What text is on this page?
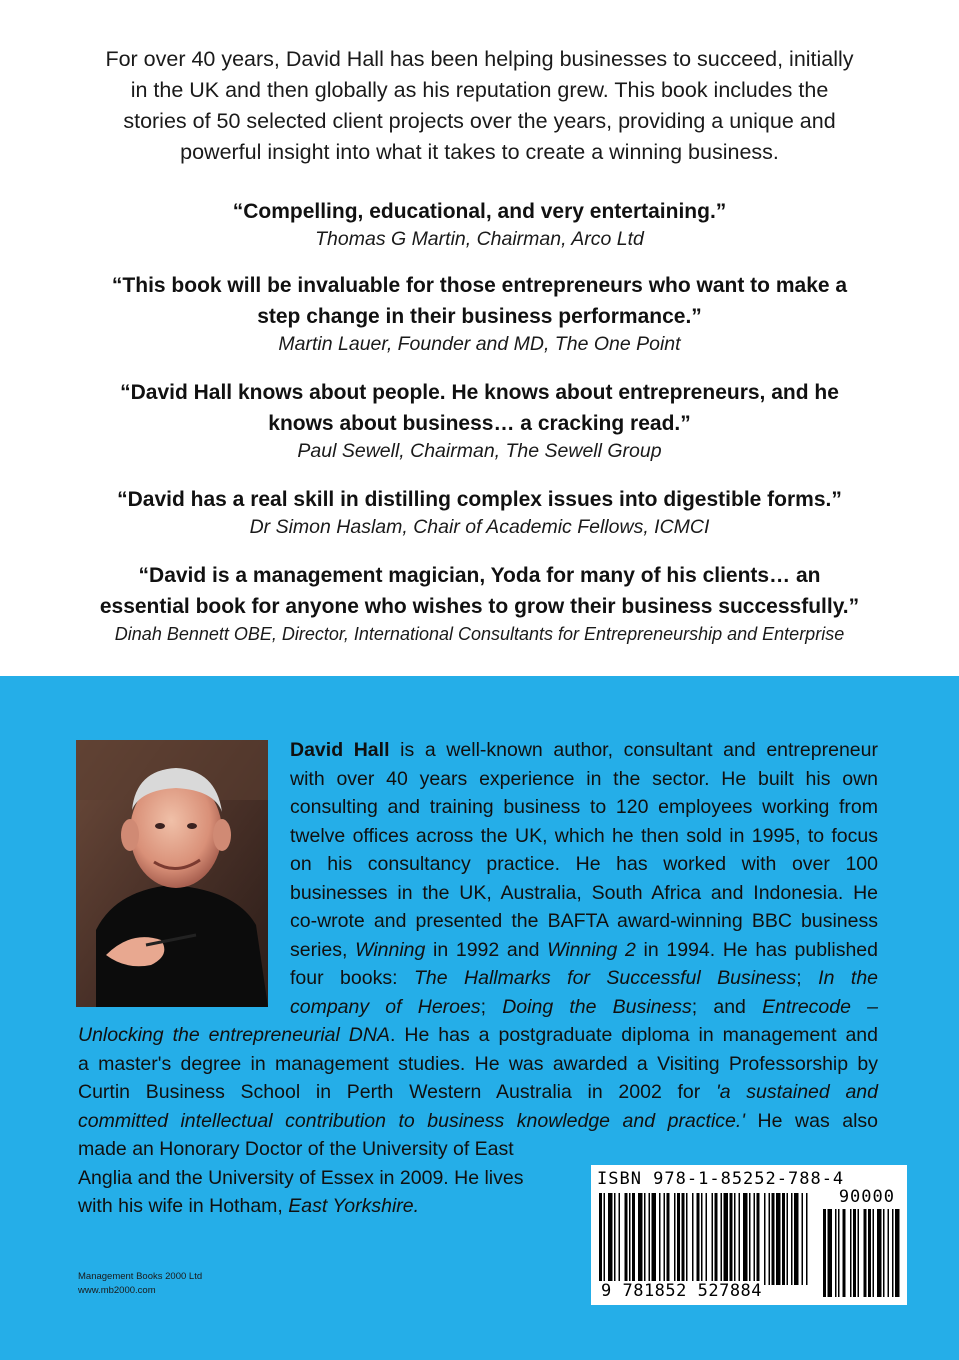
For over 40 years, David Hall has been helping businesses to succeed, initially
in the UK and then globally as his reputation grew. This book includes the
stories of 50 selected client projects over the years, providing a unique and
powerful insight into what it takes to create a winning business.
“Compelling, educational, and very entertaining.”
Thomas G Martin, Chairman, Arco Ltd
“This book will be invaluable for those entrepreneurs who want to make a
step change in their business performance.”
Martin Lauer, Founder and MD, The One Point
“David Hall knows about people. He knows about entrepreneurs, and he
knows about business… a cracking read.”
Paul Sewell, Chairman, The Sewell Group
“David has a real skill in distilling complex issues into digestible forms.”
Dr Simon Haslam, Chair of Academic Fellows, ICMCI
“David is a management magician, Yoda for many of his clients… an
essential book for anyone who wishes to grow their business successfully.”
Dinah Bennett OBE, Director, International Consultants for Entrepreneurship and Enterprise
David Hall is a well-known author, consultant and entrepreneur
with over 40 years experience in the sector. He built his own
consulting and training business to 120 employees working from
twelve offices across the UK, which he then sold in 1995, to focus
on his consultancy practice. He has worked with over 100
businesses in the UK, Australia, South Africa and Indonesia. He
co-wrote and presented the BAFTA award-winning BBC business
series, Winning in 1992 and Winning 2 in 1994. He has published
four books: The Hallmarks for Successful Business; In the
company of Heroes; Doing the Business; and Entrecode –
Unlocking the entrepreneurial DNA. He has a postgraduate diploma in management and
a master's degree in management studies. He was awarded a Visiting Professorship by
Curtin Business School in Perth Western Australia in 2002 for 'a sustained and
committed intellectual contribution to business knowledge and practice.' He was also
made an Honorary Doctor of the University of East
Anglia and the University of Essex in 2009. He lives
with his wife in Hotham, East Yorkshire.
Management Books 2000 Ltd
www.mb2000.com
ISBN 978-1-85252-788-4
90000
9 781852 527884
